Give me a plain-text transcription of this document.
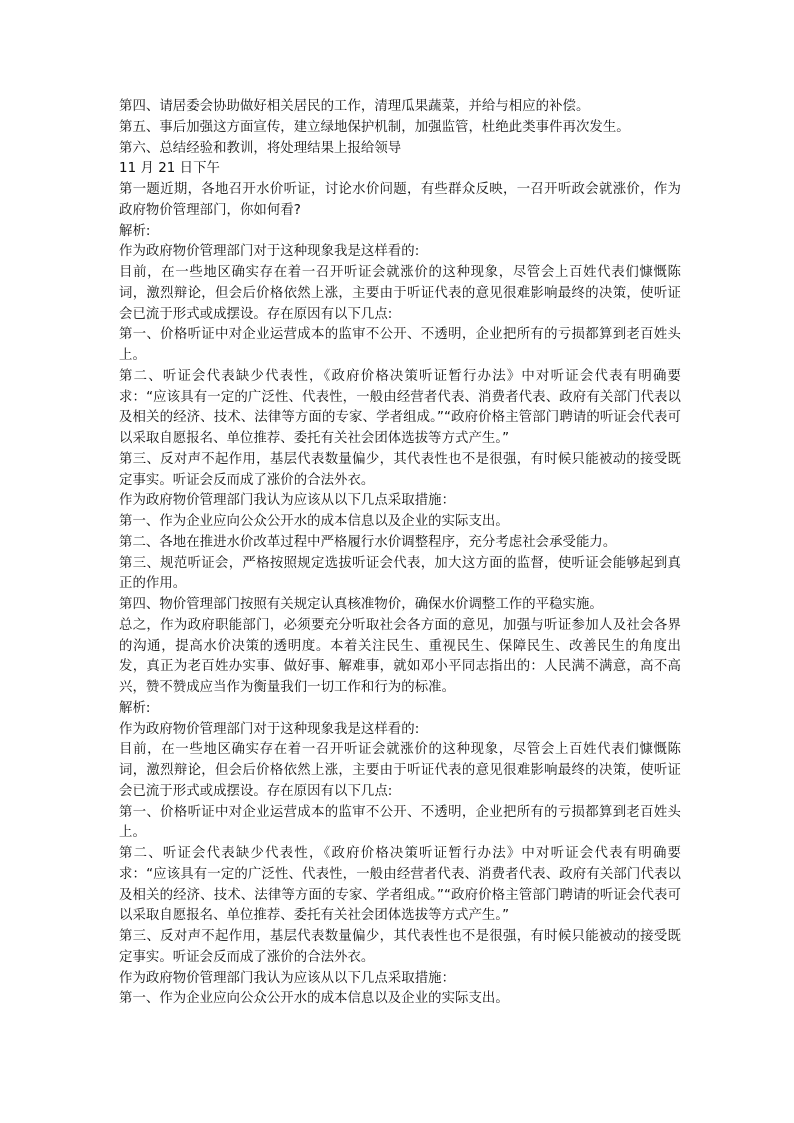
第四、请居委会协助做好相关居民的工作，清理瓜果蔬菜，并给与相应的补偿。

第五、事后加强这方面宣传，建立绿地保护机制，加强监管，杜绝此类事件再次发生。

第六、总结经验和教训，将处理结果上报给领导

11 月 21 日下午

第一题近期，各地召开水价听证，讨论水价问题，有些群众反映，一召开听政会就涨价，作为政府物价管理部门，你如何看?

解析:

作为政府物价管理部门对于这种现象我是这样看的:

目前，在一些地区确实存在着一召开听证会就涨价的这种现象，尽管会上百姓代表们慷慨陈词，激烈辩论，但会后价格依然上涨，主要由于听证代表的意见很难影响最终的决策，使听证会已流于形式或成摆设。存在原因有以下几点:

第一、价格听证中对企业运营成本的监审不公开、不透明，企业把所有的亏损都算到老百姓头上。

第二、听证会代表缺少代表性，《政府价格决策听证暂行办法》中对听证会代表有明确要求：“应该具有一定的广泛性、代表性，一般由经营者代表、消费者代表、政府有关部门代表以及相关的经济、技术、法律等方面的专家、学者组成。”“政府价格主管部门聘请的听证会代表可以采取自愿报名、单位推荐、委托有关社会团体选拔等方式产生。”

第三、反对声不起作用，基层代表数量偏少，其代表性也不是很强，有时候只能被动的接受既定事实。听证会反而成了涨价的合法外衣。

作为政府物价管理部门我认为应该从以下几点采取措施：

第一、作为企业应向公众公开水的成本信息以及企业的实际支出。

第二、各地在推进水价改革过程中严格履行水价调整程序，充分考虑社会承受能力。

第三、规范听证会，严格按照规定选拔听证会代表，加大这方面的监督，使听证会能够起到真正的作用。

第四、物价管理部门按照有关规定认真核准物价，确保水价调整工作的平稳实施。

总之，作为政府职能部门，必须要充分听取社会各方面的意见，加强与听证参加人及社会各界的沟通，提高水价决策的透明度。本着关注民生、重视民生、保障民生、改善民生的角度出发，真正为老百姓办实事、做好事、解难事，就如邓小平同志指出的：人民满不满意，高不高兴，赞不赞成应当作为衡量我们一切工作和行为的标准。

解析:

作为政府物价管理部门对于这种现象我是这样看的:

目前，在一些地区确实存在着一召开听证会就涨价的这种现象，尽管会上百姓代表们慷慨陈词，激烈辩论，但会后价格依然上涨，主要由于听证代表的意见很难影响最终的决策，使听证会已流于形式或成摆设。存在原因有以下几点:

第一、价格听证中对企业运营成本的监审不公开、不透明，企业把所有的亏损都算到老百姓头上。

第二、听证会代表缺少代表性，《政府价格决策听证暂行办法》中对听证会代表有明确要求：“应该具有一定的广泛性、代表性，一般由经营者代表、消费者代表、政府有关部门代表以及相关的经济、技术、法律等方面的专家、学者组成。”“政府价格主管部门聘请的听证会代表可以采取自愿报名、单位推荐、委托有关社会团体选拔等方式产生。”

第三、反对声不起作用，基层代表数量偏少，其代表性也不是很强，有时候只能被动的接受既定事实。听证会反而成了涨价的合法外衣。

作为政府物价管理部门我认为应该从以下几点采取措施：

第一、作为企业应向公众公开水的成本信息以及企业的实际支出。
